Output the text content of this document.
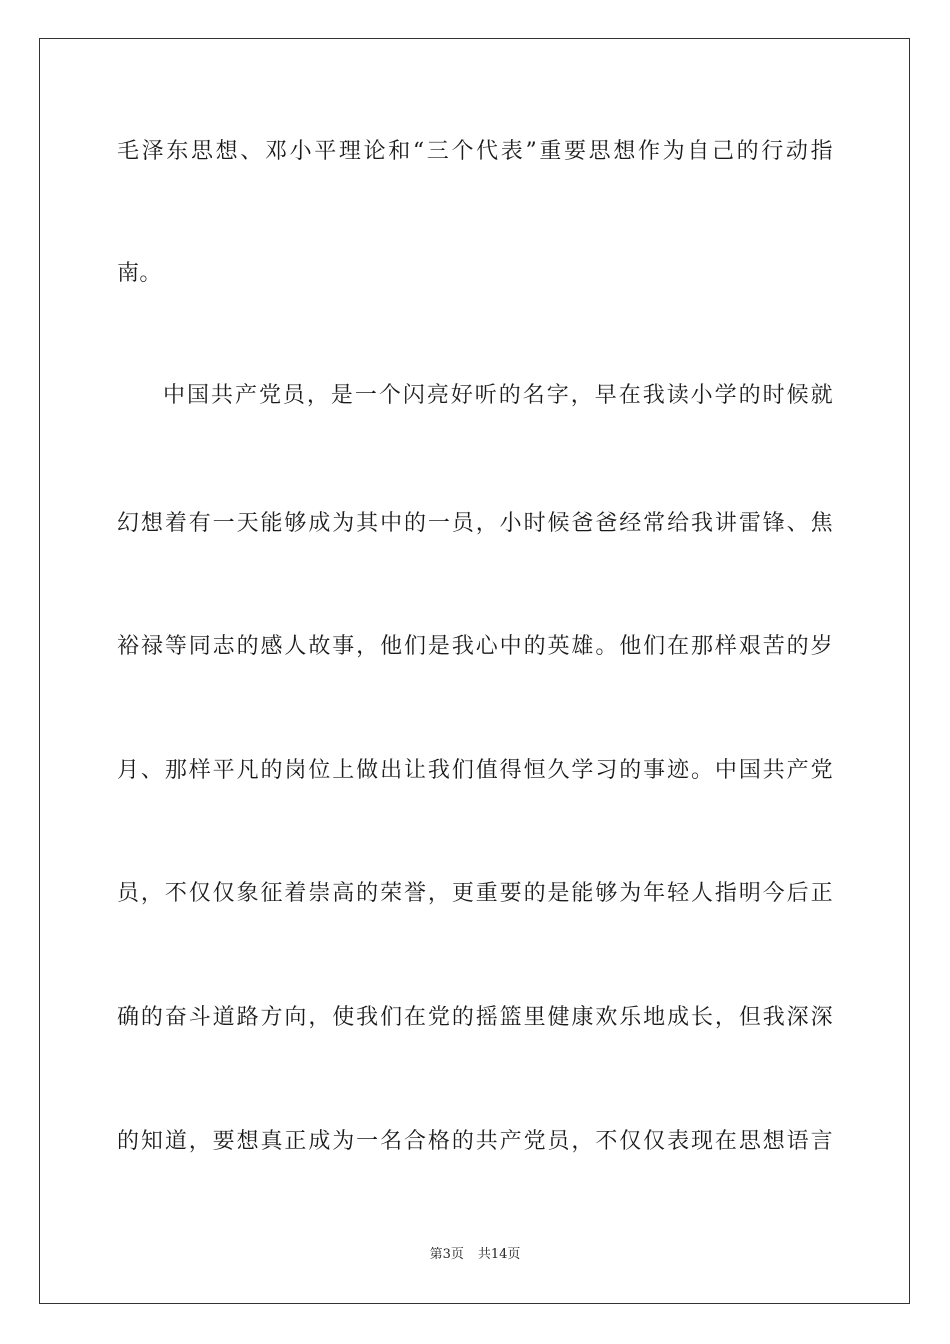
毛泽东思想、邓小平理论和“三个代表”重要思想作为自己的行动指
南。
中国共产党员，是一个闪亮好听的名字，早在我读小学的时候就
幻想着有一天能够成为其中的一员，小时候爸爸经常给我讲雷锋、焦
裕禄等同志的感人故事，他们是我心中的英雄。他们在那样艰苦的岁
月、那样平凡的岗位上做出让我们值得恒久学习的事迹。中国共产党
员，不仅仅象征着崇高的荣誉，更重要的是能够为年轻人指明今后正
确的奋斗道路方向，使我们在党的摇篮里健康欢乐地成长，但我深深
的知道，要想真正成为一名合格的共产党员，不仅仅表现在思想语言
第3页 共14页
